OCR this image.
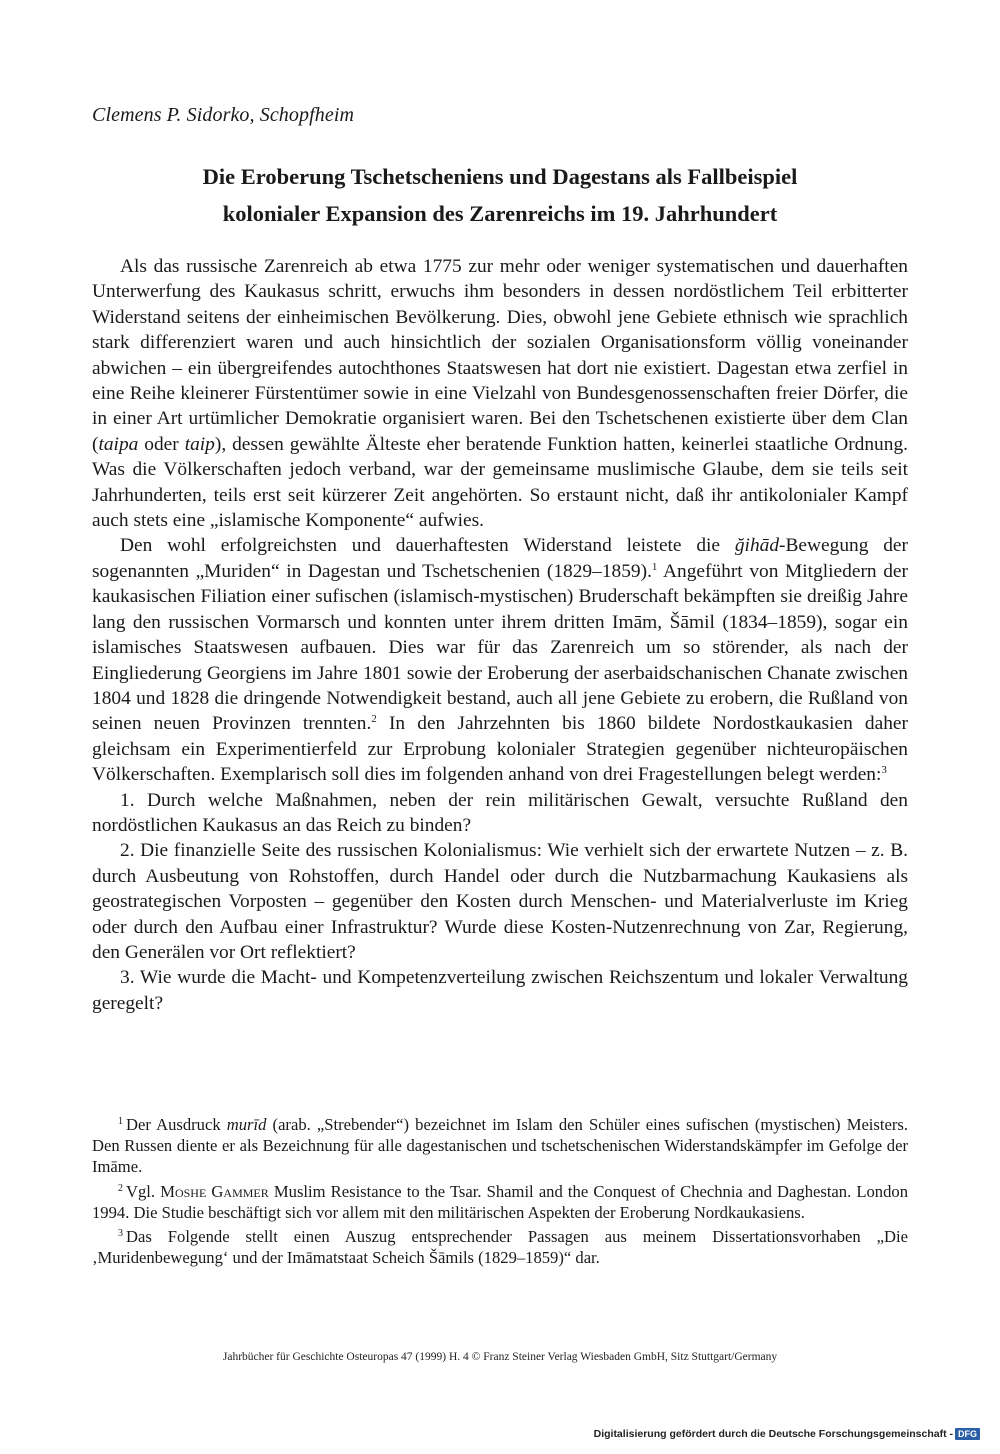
Clemens P. Sidorko, Schopfheim
Die Eroberung Tschetscheniens und Dagestans als Fallbeispiel
kolonialer Expansion des Zarenreichs im 19. Jahrhundert

Als das russische Zarenreich ab etwa 1775 zur mehr oder weniger systematischen und dauerhaften Unterwerfung des Kaukasus schritt, erwuchs ihm besonders in dessen nordöstlichem Teil erbitterter Widerstand seitens der einheimischen Bevölkerung. Dies, obwohl jene Gebiete ethnisch wie sprachlich stark differenziert waren und auch hinsichtlich der sozialen Organisationsform völlig voneinander abwichen – ein übergreifendes autochthones Staatswesen hat dort nie existiert. Dagestan etwa zerfiel in eine Reihe kleinerer Fürstentümer sowie in eine Vielzahl von Bundesgenossenschaften freier Dörfer, die in einer Art urtümlicher Demokratie organisiert waren. Bei den Tschetschenen existierte über dem Clan (taipa oder taip), dessen gewählte Älteste eher beratende Funktion hatten, keinerlei staatliche Ordnung. Was die Völkerschaften jedoch verband, war der gemeinsame muslimische Glaube, dem sie teils seit Jahrhunderten, teils erst seit kürzerer Zeit angehörten. So erstaunt nicht, daß ihr antikolonialer Kampf auch stets eine „islamische Komponente“ aufwies.

Den wohl erfolgreichsten und dauerhaftesten Widerstand leistete die ğihād-Bewegung der sogenannten „Muriden“ in Dagestan und Tschetschenien (1829–1859).$^1$ Angeführt von Mitgliedern der kaukasischen Filiation einer sufischen (islamisch-mystischen) Bruderschaft bekämpften sie dreißig Jahre lang den russischen Vormarsch und konnten unter ihrem dritten Imām, Šāmil (1834–1859), sogar ein islamisches Staatswesen aufbauen. Dies war für das Zarenreich um so störender, als nach der Eingliederung Georgiens im Jahre 1801 sowie der Eroberung der aserbaidschanischen Chanate zwischen 1804 und 1828 die dringende Notwendigkeit bestand, auch all jene Gebiete zu erobern, die Rußland von seinen neuen Provinzen trennten.$^2$ In den Jahrzehnten bis 1860 bildete Nordostkaukasien daher gleichsam ein Experimentierfeld zur Erprobung kolonialer Strategien gegenüber nichteuropäischen Völkerschaften. Exemplarisch soll dies im folgenden anhand von drei Fragestellungen belegt werden:$^3$

1. Durch welche Maßnahmen, neben der rein militärischen Gewalt, versuchte Rußland den nordöstlichen Kaukasus an das Reich zu binden?

2. Die finanzielle Seite des russischen Kolonialismus: Wie verhielt sich der erwartete Nutzen – z. B. durch Ausbeutung von Rohstoffen, durch Handel oder durch die Nutzbarmachung Kaukasiens als geostrategischen Vorposten – gegenüber den Kosten durch Menschen- und Materialverluste im Krieg oder durch den Aufbau einer Infrastruktur? Wurde diese Kosten-Nutzenrechnung von Zar, Regierung, den Generälen vor Ort reflektiert?

3. Wie wurde die Macht- und Kompetenzverteilung zwischen Reichszentum und lokaler Verwaltung geregelt?

$^1$ Der Ausdruck murīd (arab. „Strebender“) bezeichnet im Islam den Schüler eines sufischen (mystischen) Meisters. Den Russen diente er als Bezeichnung für alle dagestanischen und tschetschenischen Widerstandskämpfer im Gefolge der Imāme.

$^2$ Vgl. Moshe Gammer Muslim Resistance to the Tsar. Shamil and the Conquest of Chechnia and Daghestan. London 1994. Die Studie beschäftigt sich vor allem mit den militärischen Aspekten der Eroberung Nordkaukasiens.

$^3$ Das Folgende stellt einen Auszug entsprechender Passagen aus meinem Dissertationsvorhaben „Die ‚Muridenbewegung‘ und der Imāmatstaat Scheich Šāmils (1829–1859)“ dar.

Jahrbücher für Geschichte Osteuropas 47 (1999) H. 4 © Franz Steiner Verlag Wiesbaden GmbH, Sitz Stuttgart/Germany
Digitalisierung gefördert durch die Deutsche Forschungsgemeinschaft - DFG
